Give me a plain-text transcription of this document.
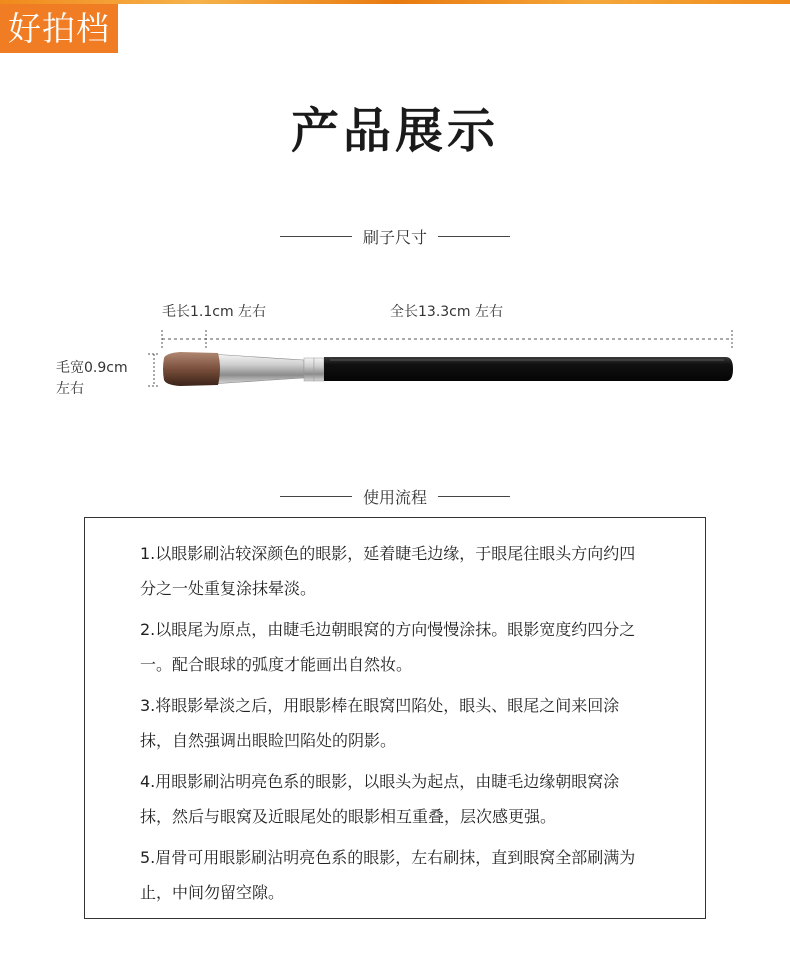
好拍档
产品展示
刷子尺寸
毛长1.1cm 左右	全长13.3cm 左右
毛宽0.9cm 左右
使用流程

1.以眼影刷沾较深颜色的眼影，延着睫毛边缘，于眼尾往眼头方向约四分之一处重复涂抹晕淡。

2.以眼尾为原点，由睫毛边朝眼窝的方向慢慢涂抹。眼影宽度约四分之一。配合眼球的弧度才能画出自然妆。

3.将眼影晕淡之后，用眼影棒在眼窝凹陷处，眼头、眼尾之间来回涂抹，自然强调出眼睑凹陷处的阴影。

4.用眼影刷沾明亮色系的眼影，以眼头为起点，由睫毛边缘朝眼窝涂抹，然后与眼窝及近眼尾处的眼影相互重叠，层次感更强。

5.眉骨可用眼影刷沾明亮色系的眼影，左右刷抹，直到眼窝全部刷满为止，中间勿留空隙。
